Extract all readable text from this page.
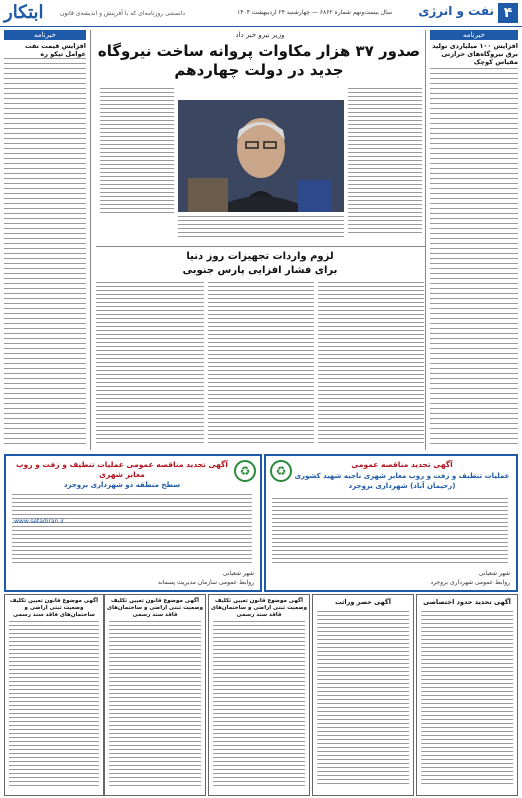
۴
نفت و انرژی
سال بیست‌ونهم شماره ۶۸۶۲ — چهارشنبه ۲۴ اردیبهشت ۱۴۰۴
ابتکار	دانستنی روزنامه‌ای که با آفرینش و اندیشه‌ی قانون
خبرنامه
افزایش ۱۰۰ میلیاردی تولید برق نیروگاه‌های حرارتی مقیاس کوچک
خبرنامه
افزایش قیمت نفت عوامل تیکو ره
وزیر نیرو خبر داد
صدور ۳۷ هزار مکاوات پروانه ساخت نیروگاه جدید در دولت چهاردهم
لزوم واردات تجهیزات روز دنیا
برای فشار افزایی پارس جنوبی
♻	آگهی تجدید مناقصه عمومی
عملیات تنظیف و زفت و روب معابر شهری ناحیه شهید کشوری (رحیمان آباد) شهرداری بروجرد
شهر شعبانی
روابط عمومی شهرداری بروجرد
♻
آگهی تجدید مناقصه عمومی عملیات تنظیف و زفت و روب معابر شهری
سطح منطقه دو شهرداری بروجرد
www.setadiran.ir
شهر شعبانی
روابط عمومی سازمان مدیریت پسماند
آگهی تحدید حدود اختصاصی
آگهی حصر وراثت
آگهی موضوع قانون تعیین تکلیف وضعیت ثبتی اراضی و ساختمان‌های فاقد سند رسمی
آگهی موضوع قانون تعیین تکلیف وضعیت ثبتی اراضی و ساختمان‌های فاقد سند رسمی
آگهی موضوع قانون تعیین تکلیف وضعیت ثبتی اراضی و ساختمان‌های فاقد سند رسمی
